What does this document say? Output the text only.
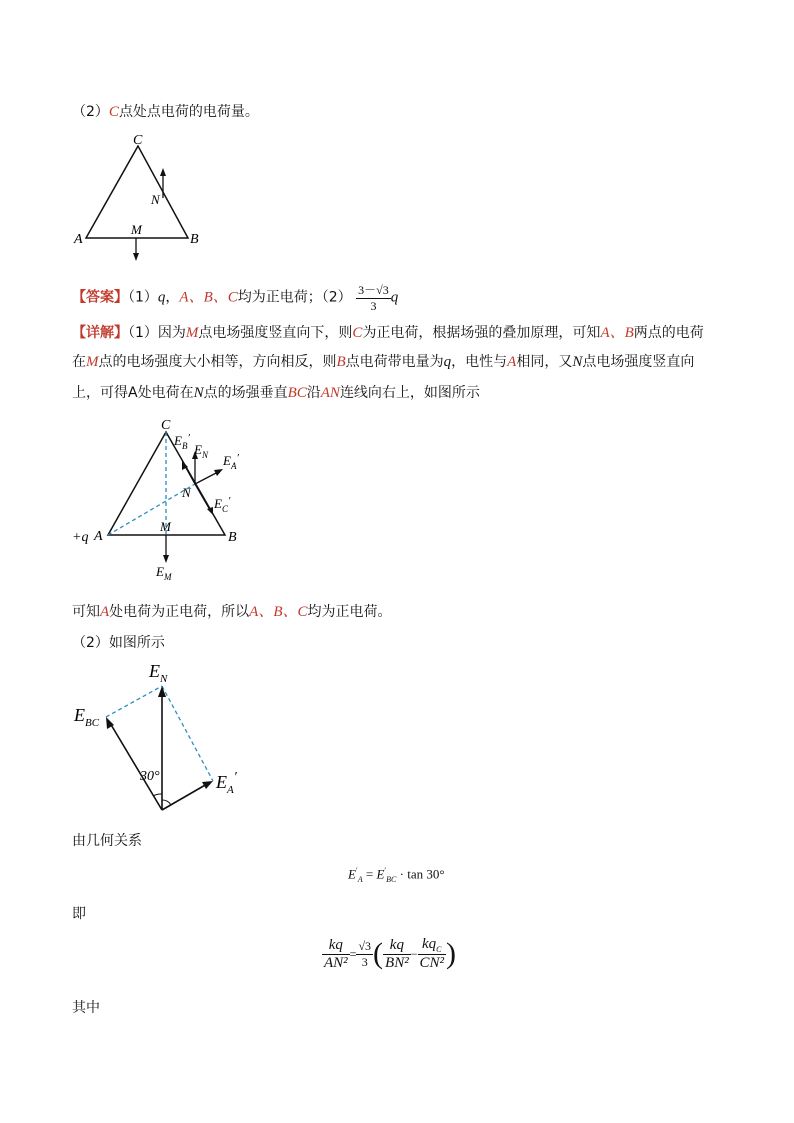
（2）C点处点电荷的电荷量。
C
N
A
M
B
【答案】（1）q，A、B、C均为正电荷；$(2) \frac{3-√3}{3}$ q
【详解】（1）因为M点电场强度竖直向下，则C为正电荷，根据场强的叠加原理，可知A、B两点的电荷
在M点的电场强度大小相等，方向相反，则B点电荷带电量为q，电性与A相同，又N点电场强度竖直向
上，可得A处电荷在N点的场强垂直BC沿AN连线向右上，如图所示
C
$E_B'$
$E_N$ $E_A'$
N
$E_C'$
+q A
M
B
$E_M$
可知A处电荷为正电荷，所以A、B、C均为正电荷。
（2）如图所示
30°
$E_N$
$E_{BC}$
$E_A'$
由几何关系
$E'_A = E'_{BC} \cdot \tan 30^\circ$
即
$\frac{kq}{\text{AN²}} = \frac{√3}{3}$ ( $\frac{kq}{\text{BN²}} - \frac{kq_C}{\text{CN²}}$ )
其中
